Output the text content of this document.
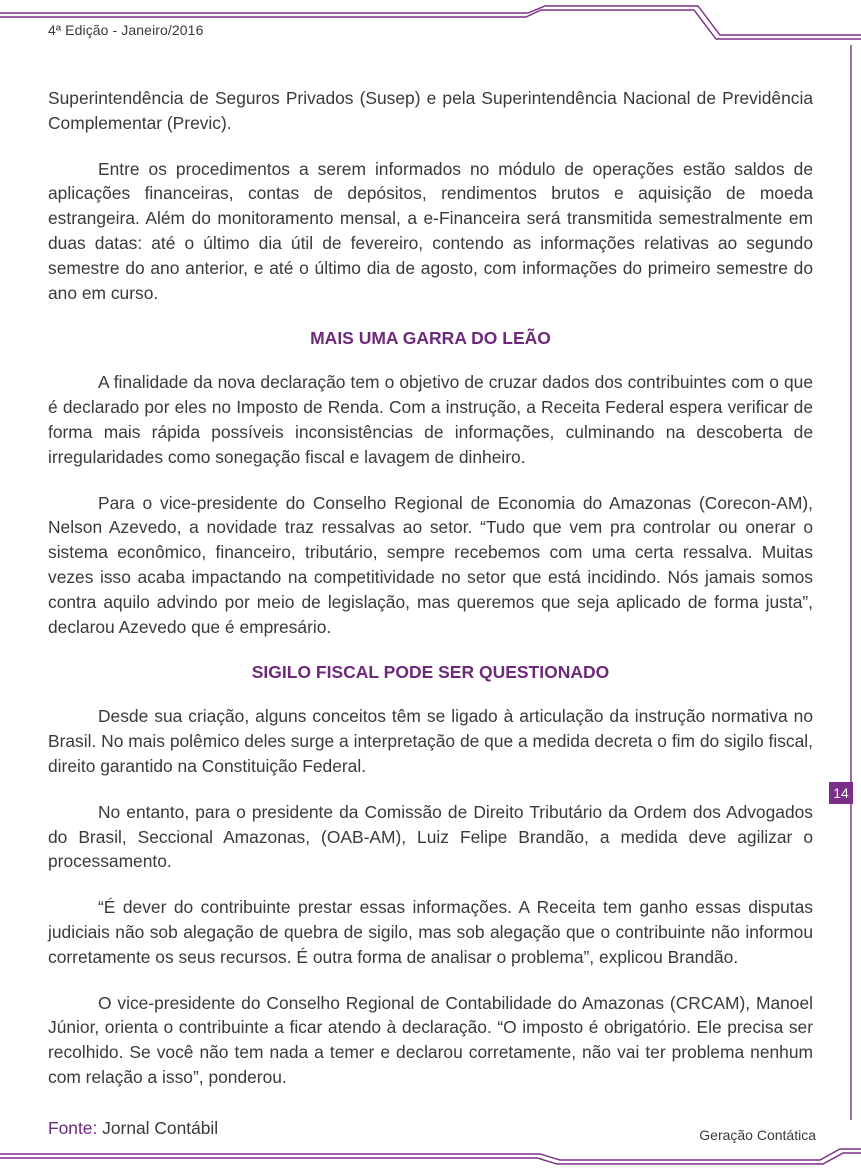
4ª Edição - Janeiro/2016

Superintendência de Seguros Privados (Susep) e pela Superintendência Nacional de Previdência Complementar (Previc).

Entre os procedimentos a serem informados no módulo de operações estão saldos de aplicações financeiras, contas de depósitos, rendimentos brutos e aquisição de moeda estrangeira. Além do monitoramento mensal, a e-Financeira será transmitida semestralmente em duas datas: até o último dia útil de fevereiro, contendo as informações relativas ao segundo semestre do ano anterior, e até o último dia de agosto, com informações do primeiro semestre do ano em curso.

MAIS UMA GARRA DO LEÃO

A finalidade da nova declaração tem o objetivo de cruzar dados dos contribuintes com o que é declarado por eles no Imposto de Renda. Com a instrução, a Receita Federal espera verificar de forma mais rápida possíveis inconsistências de informações, culminando na descoberta de irregularidades como sonegação fiscal e lavagem de dinheiro.

Para o vice-presidente do Conselho Regional de Economia do Amazonas (Corecon-AM), Nelson Azevedo, a novidade traz ressalvas ao setor. “Tudo que vem pra controlar ou onerar o sistema econômico, financeiro, tributário, sempre recebemos com uma certa ressalva. Muitas vezes isso acaba impactando na competitividade no setor que está incidindo. Nós jamais somos contra aquilo advindo por meio de legislação, mas queremos que seja aplicado de forma justa”, declarou Azevedo que é empresário.

SIGILO FISCAL PODE SER QUESTIONADO

Desde sua criação, alguns conceitos têm se ligado à articulação da instrução normativa no Brasil. No mais polêmico deles surge a interpretação de que a medida decreta o fim do sigilo fiscal, direito garantido na Constituição Federal.

No entanto, para o presidente da Comissão de Direito Tributário da Ordem dos Advogados do Brasil, Seccional Amazonas, (OAB-AM), Luiz Felipe Brandão, a medida deve agilizar o processamento.

“É dever do contribuinte prestar essas informações. A Receita tem ganho essas disputas judiciais não sob alegação de quebra de sigilo, mas sob alegação que o contribuinte não informou corretamente os seus recursos. É outra forma de analisar o problema”, explicou Brandão.

O vice-presidente do Conselho Regional de Contabilidade do Amazonas (CRCAM), Manoel Júnior, orienta o contribuinte a ficar atendo à declaração. “O imposto é obrigatório. Ele precisa ser recolhido. Se você não tem nada a temer e declarou corretamente, não vai ter problema nenhum com relação a isso”, ponderou.

Fonte: Jornal Contábil
14
Geração Contática
